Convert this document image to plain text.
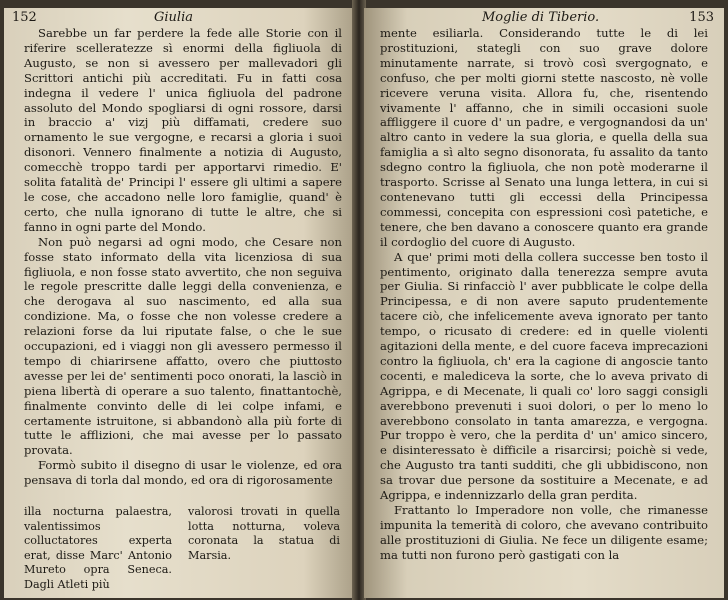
152	Giulia

Sarebbe un far perdere la fede alle Storie con il riferire scelleratezze sì enormi della figliuola di Augusto, se non si avessero per mallevadori gli Scrittori antichi più accreditati. Fu in fatti cosa indegna il vedere l' unica figliuola del padrone assoluto del Mondo spogliarsi di ogni rossore, darsi in braccio a' vizj più diffamati, credere suo ornamento le sue vergogne, e recarsi a gloria i suoi disonori. Vennero finalmente a notizia di Augusto, comecchè troppo tardi per apportarvi rimedio. E' solita fatalità de' Principi l' essere gli ultimi a sapere le cose, che accadono nelle loro famiglie, quand' è certo, che nulla ignorano di tutte le altre, che si fanno in ogni parte del Mondo.

Non può negarsi ad ogni modo, che Cesare non fosse stato informato della vita licenziosa di sua figliuola, e non fosse stato avvertito, che non seguiva le regole prescritte dalle leggi della convenienza, e che derogava al suo nascimento, ed alla sua condizione. Ma, o fosse che non volesse credere a relazioni forse da lui riputate false, o che le sue occupazioni, ed i viaggi non gli avessero permesso il tempo di chiarirsene affatto, overo che piuttosto avesse per lei de' sentimenti poco onorati, la lasciò in piena libertà di operare a suo talento, finattantochè, finalmente convinto delle di lei colpe infami, e certamente istruitone, si abbandonò alla più forte di tutte le afflizioni, che mai avesse per lo passato provata.

Formò subito il disegno di usar le violenze, ed ora pensava di torla dal mondo, ed ora di rigorosamente

illa nocturna palaestra, valentissimos colluctatores experta erat, disse Marc' Antonio Mureto opra Seneca. Dagli Atleti più

valorosi trovati in quella lotta notturna, voleva coronata la statua di Marsia.

Moglie di Tiberio.	153

mente esiliarla. Considerando tutte le di lei prostituzioni, stategli con suo grave dolore minutamente narrate, si trovò così svergognato, e confuso, che per molti giorni stette nascosto, nè volle ricevere veruna visita. Allora fu, che, risentendo vivamente l' affanno, che in simili occasioni suole affliggere il cuore d' un padre, e vergognandosi da un' altro canto in vedere la sua gloria, e quella della sua famiglia a sì alto segno disonorata, fu assalito da tanto sdegno contro la figliuola, che non potè moderarne il trasporto. Scrisse al Senato una lunga lettera, in cui si contenevano tutti gli eccessi della Principessa commessi, concepita con espressioni così patetiche, e tenere, che ben davano a conoscere quanto era grande il cordoglio del cuore di Augusto.

A que' primi moti della collera successe ben tosto il pentimento, originato dalla tenerezza sempre avuta per Giulia. Si rinfacciò l' aver pubblicate le colpe della Principessa, e di non avere saputo prudentemente tacere ciò, che infelicemente aveva ignorato per tanto tempo, o ricusato di credere: ed in quelle violenti agitazioni della mente, e del cuore faceva imprecazioni contro la figliuola, ch' era la cagione di angoscie tanto cocenti, e malediceva la sorte, che lo aveva privato di Agrippa, e di Mecenate, li quali co' loro saggi consigli averebbono prevenuti i suoi dolori, o per lo meno lo averebbono consolato in tanta amarezza, e vergogna. Pur troppo è vero, che la perdita d' un' amico sincero, e disinteressato è difficile a risarcirsi; poichè si vede, che Augusto tra tanti sudditi, che gli ubbidiscono, non sa trovar due persone da sostituire a Mecenate, e ad Agrippa, e indennizzarlo della gran perdita.

Frattanto lo Imperadore non volle, che rimanesse impunita la temerità di coloro, che avevano contribuito alle prostituzioni di Giulia. Ne fece un diligente esame; ma tutti non furono però gastigati con la
